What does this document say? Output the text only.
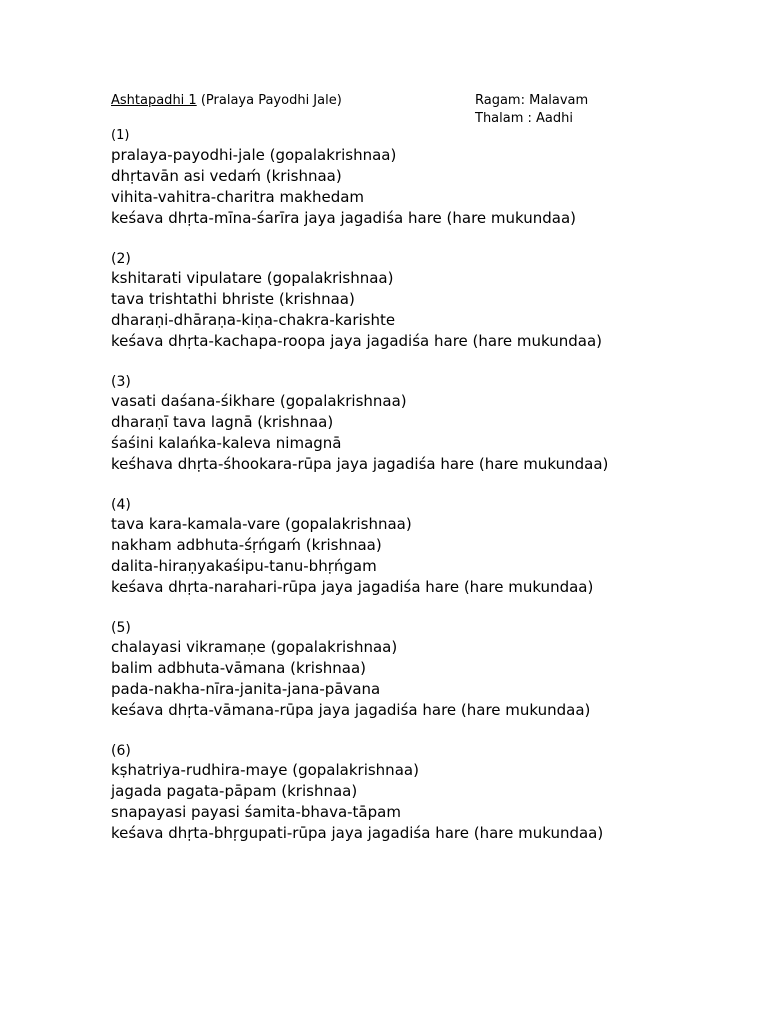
Ashtapadhi 1 (Pralaya Payodhi Jale)	Ragam: Malavam
Thalam : Aadhi
(1)
pralaya-payodhi-jale (gopalakrishnaa)
dhṛtavān asi vedaḿ (krishnaa)
vihita-vahitra-charitra makhedam
keśava dhṛta-mīna-śarīra jaya jagadiśa hare (hare mukundaa)
(2)
kshitarati vipulatare (gopalakrishnaa)
tava trishtathi bhriste (krishnaa)
dharaṇi-dhāraṇa-kiṇa-chakra-karishte
keśava dhṛta-kachapa-roopa jaya jagadiśa hare (hare mukundaa)
(3)
vasati daśana-śikhare (gopalakrishnaa)
dharaṇī tava lagnā (krishnaa)
śaśini kalańka-kaleva nimagnā
keśhava dhṛta-śhookara-rūpa jaya jagadiśa hare (hare mukundaa)
(4)
tava kara-kamala-vare (gopalakrishnaa)
nakham adbhuta-śṛńgaḿ (krishnaa)
dalita-hiraṇyakaśipu-tanu-bhṛńgam
keśava dhṛta-narahari-rūpa jaya jagadiśa hare (hare mukundaa)
(5)
chalayasi vikramaṇe (gopalakrishnaa)
balim adbhuta-vāmana (krishnaa)
pada-nakha-nīra-janita-jana-pāvana
keśava dhṛta-vāmana-rūpa jaya jagadiśa hare (hare mukundaa)
(6)
kṣhatriya-rudhira-maye (gopalakrishnaa)
jagada pagata-pāpam (krishnaa)
snapayasi payasi śamita-bhava-tāpam
keśava dhṛta-bhṛgupati-rūpa jaya jagadiśa hare (hare mukundaa)
